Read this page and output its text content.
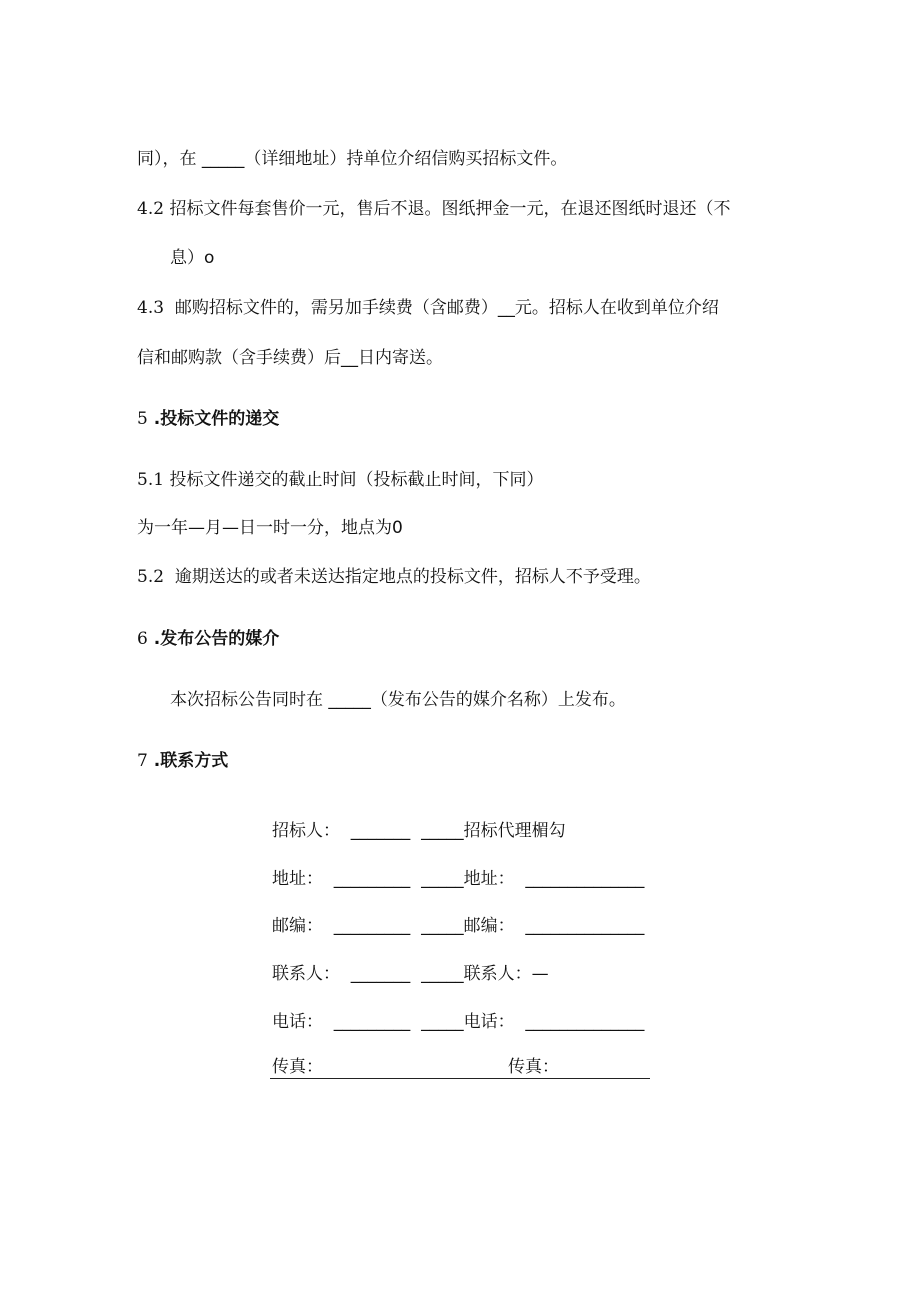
同），在 _____（详细地址）持单位介绍信购买招标文件。
4.2 招标文件每套售价一元，售后不退。图纸押金一元，在退还图纸时退还（不
息）o
4.3 邮购招标文件的，需另加手续费（含邮费）__元。招标人在收到单位介绍
信和邮购款（含手续费）后__日内寄送。
5 .投标文件的递交
5.1 投标文件递交的截止时间（投标截止时间，下同）
为一年—月—日一时一分，地点为0
5.2 逾期送达的或者未送达指定地点的投标文件，招标人不予受理。
6 .发布公告的媒介
本次招标公告同时在 _____（发布公告的媒介名称）上发布。
7 .联系方式
招标人：  _______  _____招标代理楣勾
地址：  _________  _____地址：  ______________
邮编：  _________  _____邮编：  ______________
联系人：  _______  _____联系人：—
电话：  _________  _____电话：  ______________
传真：	传真：
